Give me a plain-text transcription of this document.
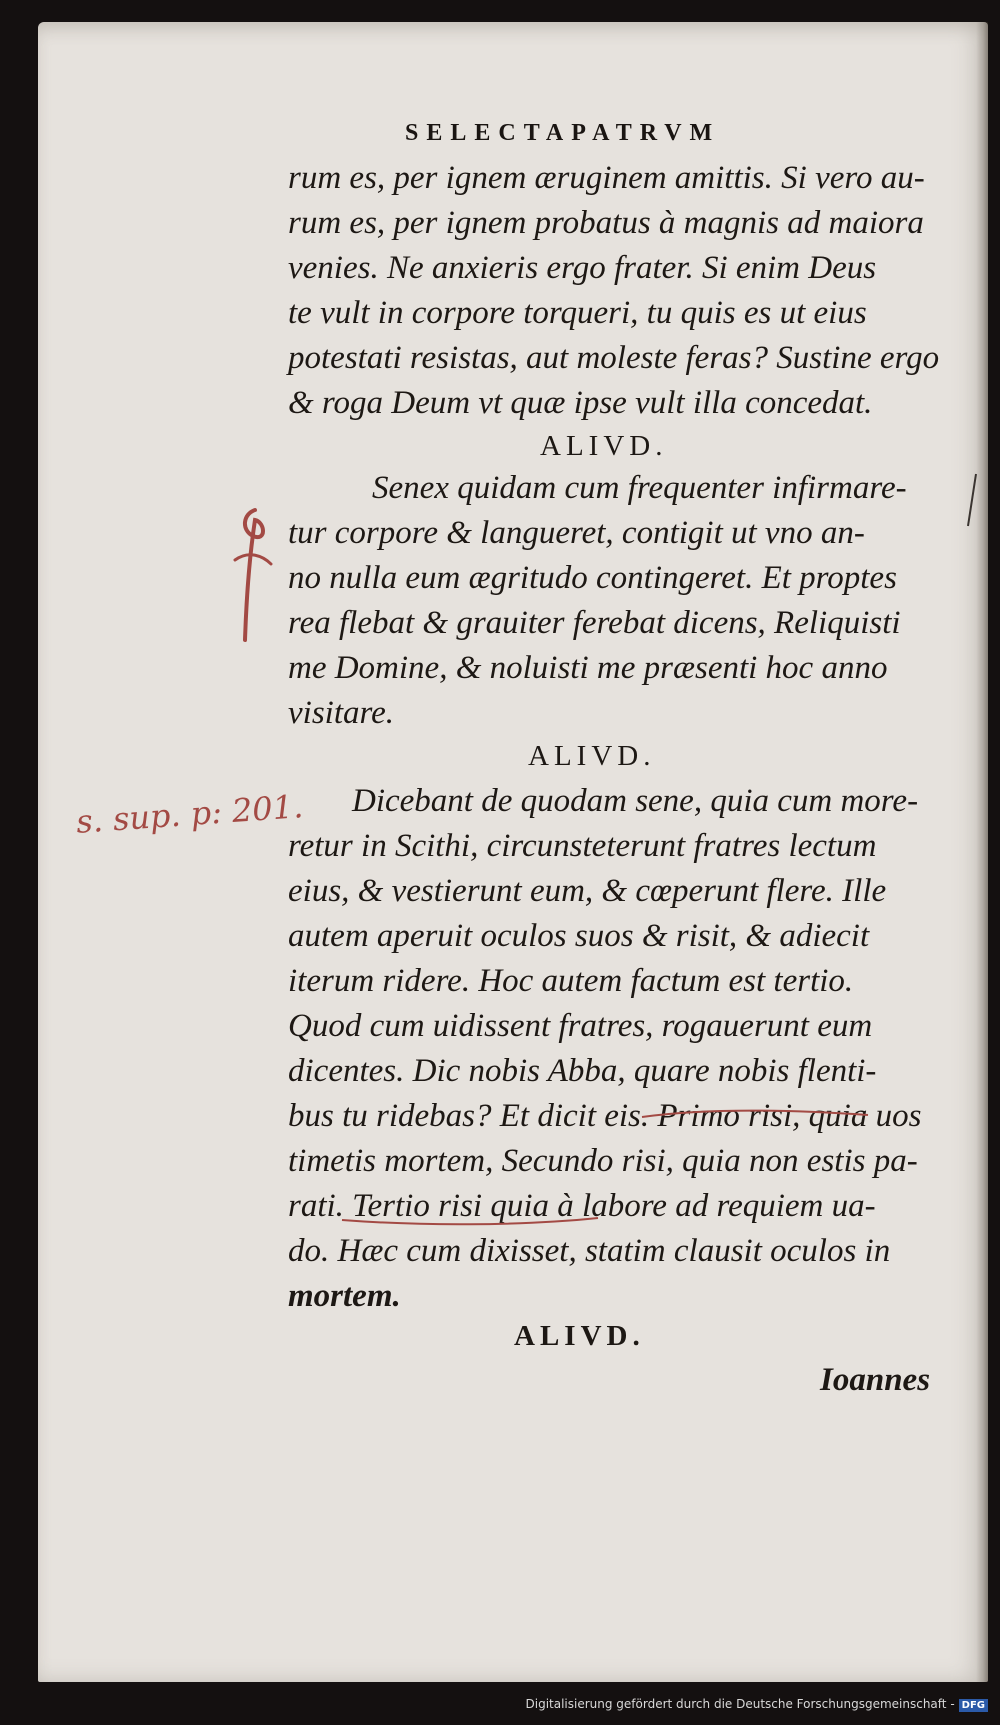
SELECTAPATRVM
rum es, per ignem æruginem amittis. Si vero au-
rum es, per ignem probatus à magnis ad maiora
venies. Ne anxieris ergo frater. Si enim Deus
te vult in corpore torqueri, tu quis es ut eius
potestati resistas, aut moleste feras? Sustine ergo
& roga Deum vt quæ ipse vult illa concedat.
ALIVD.
Senex quidam cum frequenter infirmare-
tur corpore & langueret, contigit ut vno an-
no nulla eum ægritudo contingeret. Et proptes
rea flebat & grauiter ferebat dicens, Reliquisti
me Domine, & noluisti me præsenti hoc anno
visitare.
ALIVD.
Dicebant de quodam sene, quia cum more-
retur in Scithi, circunsteterunt fratres lectum
eius, & vestierunt eum, & cœperunt flere. Ille
autem aperuit oculos suos & risit, & adiecit
iterum ridere. Hoc autem factum est tertio.
Quod cum uidissent fratres, rogauerunt eum
dicentes. Dic nobis Abba, quare nobis flenti-
bus tu ridebas? Et dicit eis. Primo risi, quia uos
timetis mortem, Secundo risi, quia non estis pa-
rati. Tertio risi quia à labore ad requiem ua-
do. Hæc cum dixisset, statim clausit oculos in
mortem.
ALIVD.
Ioannes
s. sup. p: 201.
Digitalisierung gefördert durch die Deutsche Forschungsgemeinschaft - DFG
